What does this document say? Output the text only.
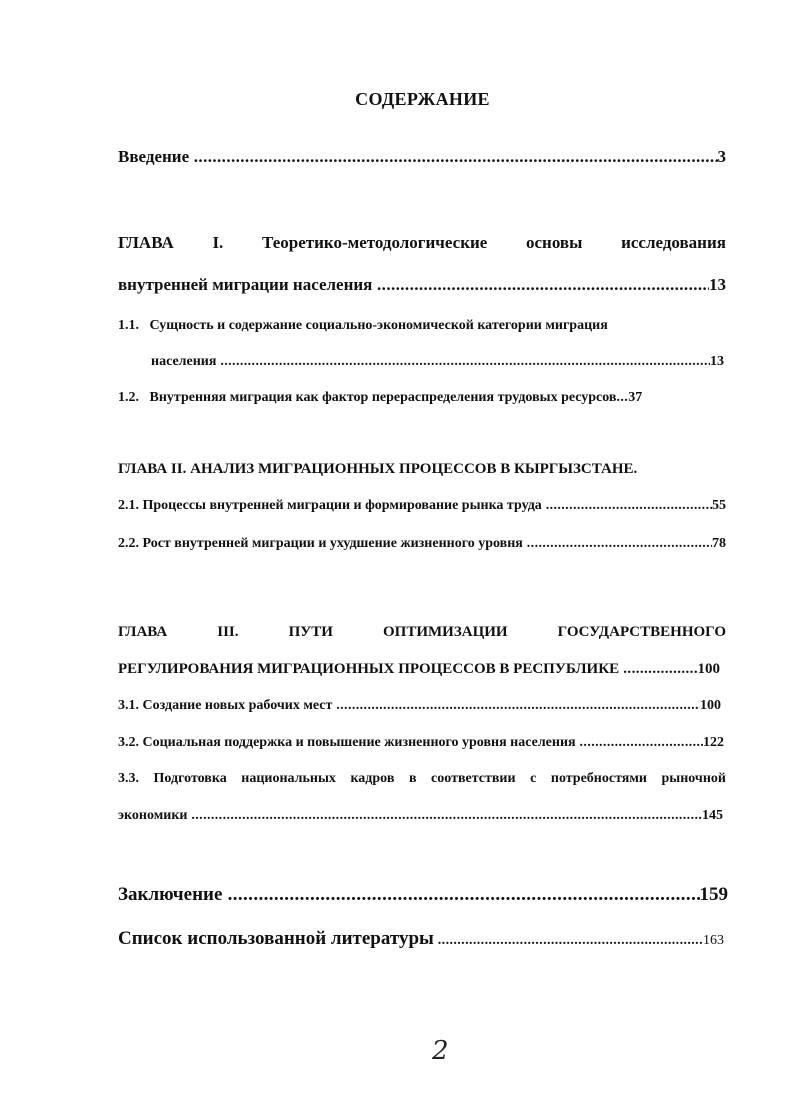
СОДЕРЖАНИЕ
Введение .....	3
ГЛАВА I. Теоретико-методологические основы исследования
внутренней миграции населения .....	13
1.1. Сущность и содержание социально-экономической категории миграция
населения .....	13
1.2.
Внутренняя миграция как фактор перераспределения трудовых ресурсов ... 37
ГЛАВА II. АНАЛИЗ МИГРАЦИОННЫХ ПРОЦЕССОВ В КЫРГЫЗСТАНЕ.
2.1. Процессы внутренней миграции и формирование рынка труда .....	55
2.2. Рост внутренней миграции и ухудшение жизненного уровня .....	78
ГЛАВА	III.	ПУТИ	ОПТИМИЗАЦИИ	ГОСУДАРСТВЕННОГО
РЕГУЛИРОВАНИЯ МИГРАЦИОННЫХ ПРОЦЕССОВ В РЕСПУБЛИКЕ .....	100
3.1. Создание новых рабочих мест .....	100
3.2. Социальная поддержка и повышение жизненного уровня населения .....	122
3.3. Подготовка национальных кадров в соответствии с потребностями рыночной
экономики .....	145
Заключение .....	159
Список использованной литературы .....	163
2
